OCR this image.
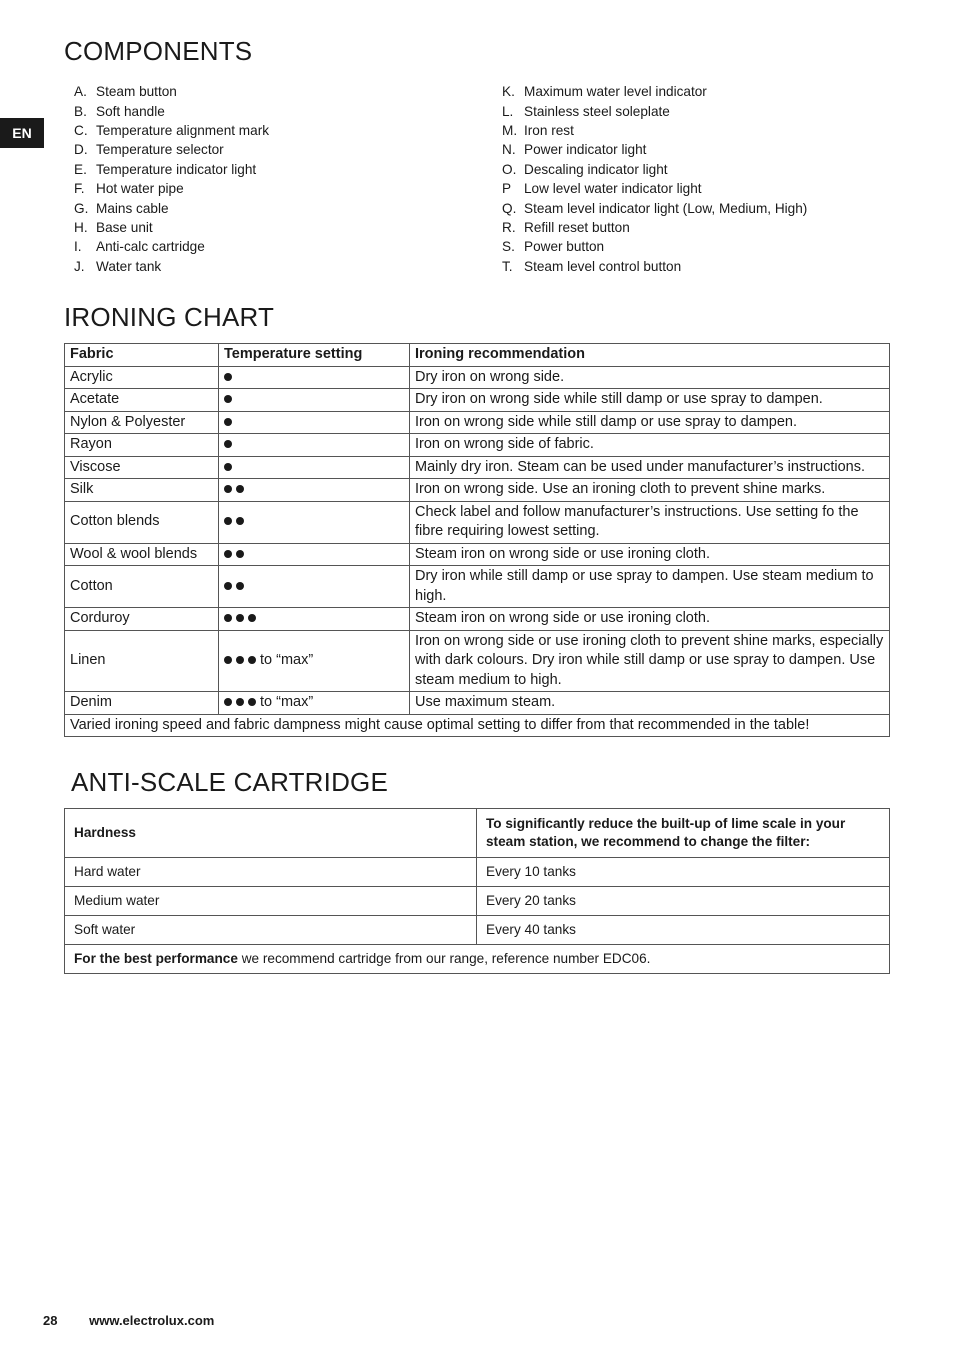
COMPONENTS
EN
A. Steam button
B. Soft handle
C. Temperature alignment mark
D. Temperature selector
E. Temperature indicator light
F. Hot water pipe
G. Mains cable
H. Base unit
I.	Anti-calc cartridge
J. Water tank
K. Maximum water level indicator
L. Stainless steel soleplate
M. Iron rest
N. Power indicator light
O. Descaling indicator light
P Low level water indicator light
Q. Steam level indicator light (Low, Medium, High)
R. Refill reset button
S. Power button
T. Steam level control button
IRONING CHART
Fabric	Temperature setting	Ironing recommendation
Acrylic		Dry iron on wrong side.
Acetate		Dry iron on wrong side while still damp or use spray to dampen.
Nylon & Polyester		Iron on wrong side while still damp or use spray to dampen.
Rayon		Iron on wrong side of fabric.
Viscose		Mainly dry iron. Steam can be used under manufacturer’s instructions.
Silk		Iron on wrong side. Use an ironing cloth to prevent shine marks.
Cotton blends		Check label and follow manufacturer’s instructions. Use setting fo the fibre requiring lowest setting.
Wool & wool blends		Steam iron on wrong side or use ironing cloth.
Cotton		Dry iron while still damp or use spray to dampen. Use steam medium to high.
Corduroy		Steam iron on wrong side or use ironing cloth.
Linen	to “max”	Iron on wrong side or use ironing cloth to prevent shine marks, especially with dark colours. Dry iron while still damp or use spray to dampen. Use steam medium to high.
Denim	to “max”	Use maximum steam.
Varied ironing speed and fabric dampness might cause optimal setting to differ from that recommended in the table!		
ANTI-SCALE CARTRIDGE
Hardness	To significantly reduce the built-up of lime scale in your steam station, we recommend to change the filter:
Hard water	Every 10 tanks
Medium water	Every 20 tanks
Soft water	Every 40 tanks
For the best performance we recommend cartridge from our range, reference number EDC06.	
28 www.electrolux.com
